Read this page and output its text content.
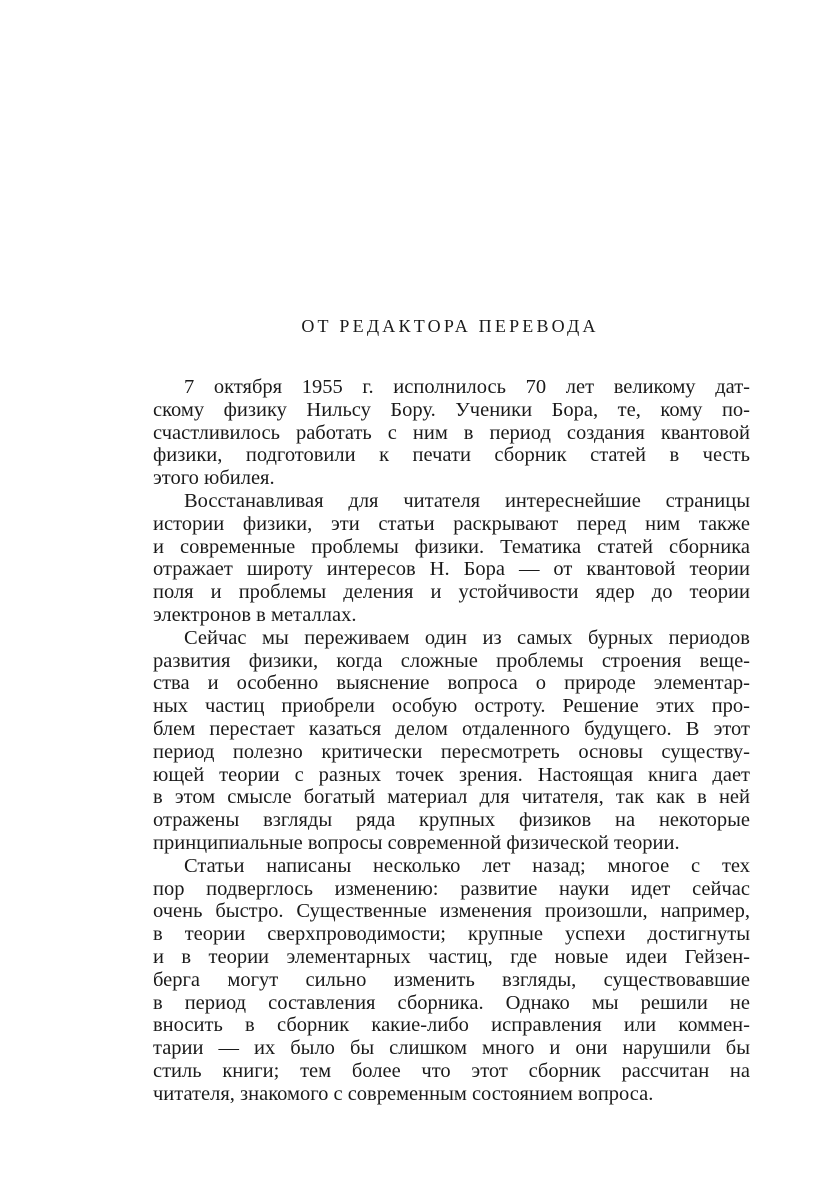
ОТ РЕДАКТОРА ПЕРЕВОДА

7 октября 1955 г. исполнилось 70 лет великому дат-
скому физику Нильсу Бору. Ученики Бора, те, кому по-
счастливилось работать с ним в период создания квантовой
физики, подготовили к печати сборник статей в честь
этого юбилея.

Восстанавливая для читателя интереснейшие страницы
истории физики, эти статьи раскрывают перед ним также
и современные проблемы физики. Тематика статей сборника
отражает широту интересов Н. Бора — от квантовой теории
поля и проблемы деления и устойчивости ядер до теории
электронов в металлах.

Сейчас мы переживаем один из самых бурных периодов
развития физики, когда сложные проблемы строения веще-
ства и особенно выяснение вопроса о природе элементар-
ных частиц приобрели особую остроту. Решение этих про-
блем перестает казаться делом отдаленного будущего. В этот
период полезно критически пересмотреть основы существу-
ющей теории с разных точек зрения. Настоящая книга дает
в этом смысле богатый материал для читателя, так как в ней
отражены взгляды ряда крупных физиков на некоторые
принципиальные вопросы современной физической теории.

Статьи написаны несколько лет назад; многое с тех
пор подверглось изменению: развитие науки идет сейчас
очень быстро. Существенные изменения произошли, например,
в теории сверхпроводимости; крупные успехи достигнуты
и в теории элементарных частиц, где новые идеи Гейзен-
берга могут сильно изменить взгляды, существовавшие
в период составления сборника. Однако мы решили не
вносить в сборник какие-либо исправления или коммен-
тарии — их было бы слишком много и они нарушили бы
стиль книги; тем более что этот сборник рассчитан на
читателя, знакомого с современным состоянием вопроса.
